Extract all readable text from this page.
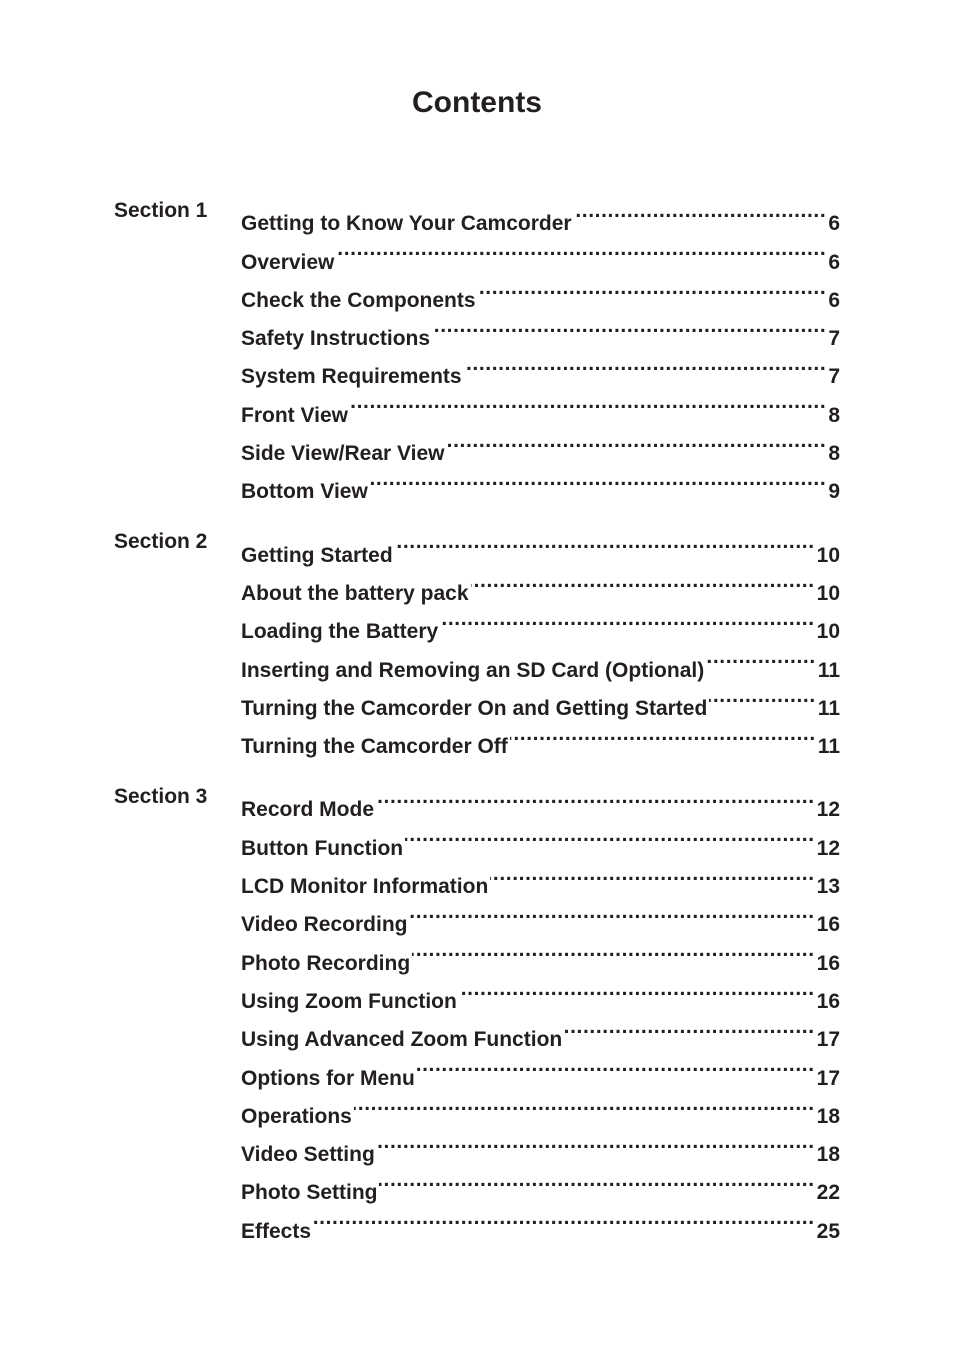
Contents
Section 1
Getting to Know Your Camcorder .....	6
Overview .....	6
Check the Components .....	6
Safety Instructions .....	7
System Requirements .....	7
Front View .....	8
Side View/Rear View .....	8
Bottom View .....	9
Section 2
Getting Started .....	10
About the battery pack .....	10
Loading the Battery .....	10
Inserting and Removing an SD Card (Optional) .....	11
Turning the Camcorder On and Getting Started .....	11
Turning the Camcorder Off .....	11
Section 3
Record Mode .....	12
Button Function .....	12
LCD Monitor Information .....	13
Video Recording .....	16
Photo Recording .....	16
Using Zoom Function .....	16
Using Advanced Zoom Function .....	17
Options for Menu .....	17
Operations .....	18
Video Setting .....	18
Photo Setting .....	22
Effects .....	25
